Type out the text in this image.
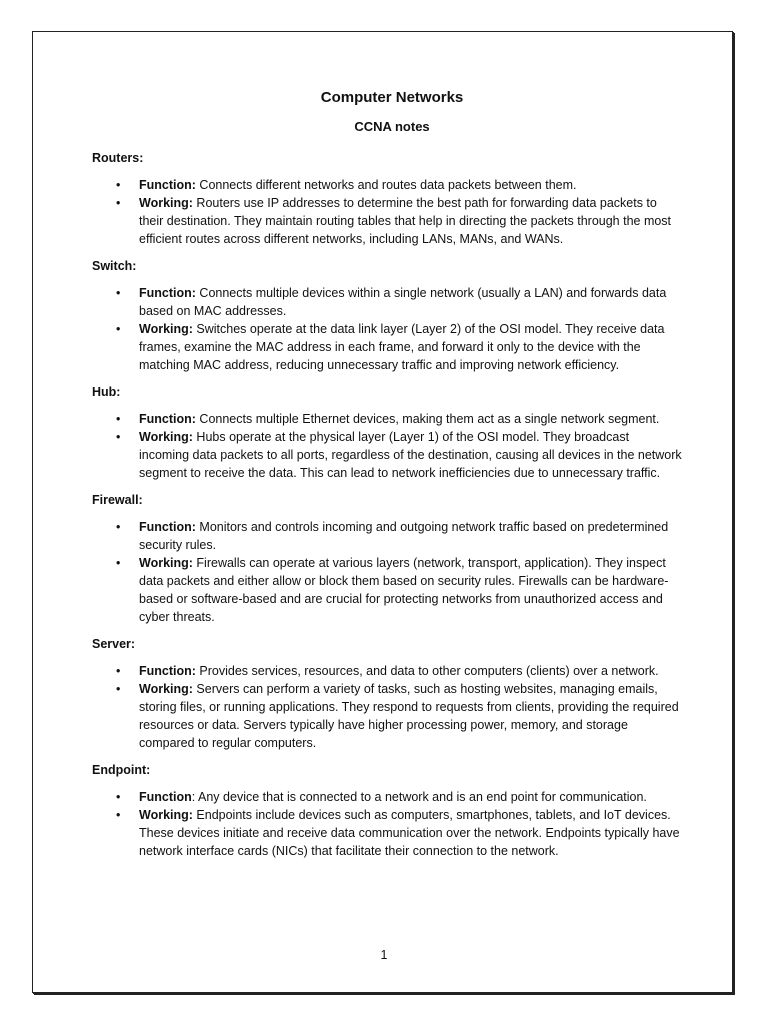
Computer Networks
CCNA notes
Routers:
• Function: Connects different networks and routes data packets between them.
• Working: Routers use IP addresses to determine the best path for forwarding data packets to their destination. They maintain routing tables that help in directing the packets through the most efficient routes across different networks, including LANs, MANs, and WANs.
Switch:
• Function: Connects multiple devices within a single network (usually a LAN) and forwards data based on MAC addresses.
• Working: Switches operate at the data link layer (Layer 2) of the OSI model. They receive data frames, examine the MAC address in each frame, and forward it only to the device with the matching MAC address, reducing unnecessary traffic and improving network efficiency.
Hub:
• Function: Connects multiple Ethernet devices, making them act as a single network segment.
• Working: Hubs operate at the physical layer (Layer 1) of the OSI model. They broadcast incoming data packets to all ports, regardless of the destination, causing all devices in the network segment to receive the data. This can lead to network inefficiencies due to unnecessary traffic.
Firewall:
• Function: Monitors and controls incoming and outgoing network traffic based on predetermined security rules.
• Working: Firewalls can operate at various layers (network, transport, application). They inspect data packets and either allow or block them based on security rules. Firewalls can be hardware-based or software-based and are crucial for protecting networks from unauthorized access and cyber threats.
Server:
• Function: Provides services, resources, and data to other computers (clients) over a network.
• Working: Servers can perform a variety of tasks, such as hosting websites, managing emails, storing files, or running applications. They respond to requests from clients, providing the required resources or data. Servers typically have higher processing power, memory, and storage compared to regular computers.
Endpoint:
• Function: Any device that is connected to a network and is an end point for communication.
• Working: Endpoints include devices such as computers, smartphones, tablets, and IoT devices. These devices initiate and receive data communication over the network. Endpoints typically have network interface cards (NICs) that facilitate their connection to the network.
1
